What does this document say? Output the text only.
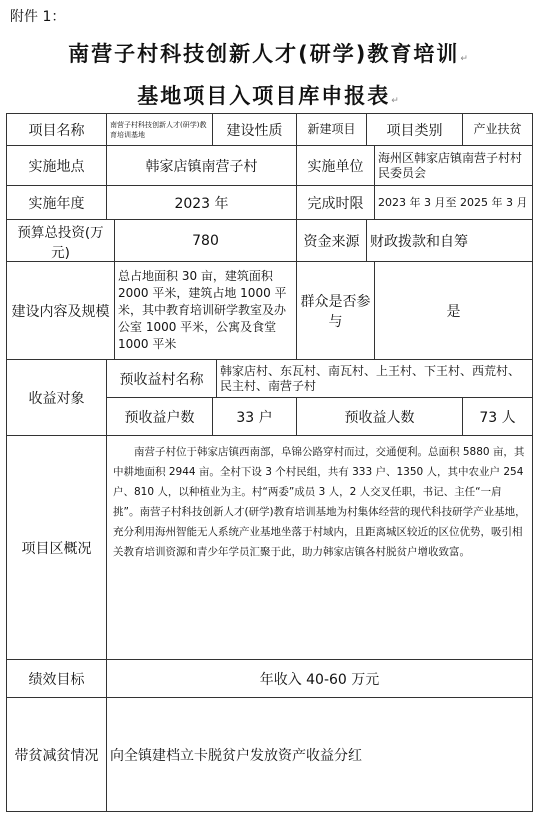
附件 1：
南营子村科技创新人才(研学)教育培训↵
基地项目入项目库申报表↵
项目名称	南营子村科技创新人才(研学)教育培训基地		建设性质		新建项目	项目类别		产业扶贫
实施地点	韩家店镇南营子村				实施单位		海州区韩家店镇南营子村村民委员会	
实施年度	2023 年				完成时限		2023 年 3 月至 2025 年 3 月	
预算总投资(万元)		780			资金来源	财政拨款和自筹		
建设内容及规模		总占地面积 30 亩，建筑面积 2000 平米，建筑占地 1000 平米，其中教育培训研学教室及办公室 1000 平米，公寓及食堂 1000 平米			群众是否参与		是	
收益对象	预收益村名称			韩家店村、东瓦村、南瓦村、上王村、下王村、西荒村、民主村、南营子村				
	预收益户数		33 户		预收益人数			73 人
项目区概况	南营子村位于韩家店镇西南部，阜锦公路穿村而过，交通便利。总面积 5880 亩，其中耕地面积 2944 亩。全村下设 3 个村民组，共有 333 户、1350 人，其中农业户 254 户、810 人，以种植业为主。村“两委”成员 3 人，2 人交叉任职，书记、主任“一肩挑”。南营子村科技创新人才(研学)教育培训基地为村集体经营的现代科技研学产业基地，充分利用海州智能无人系统产业基地坐落于村域内，且距离城区较近的区位优势，吸引相关教育培训资源和青少年学员汇聚于此，助力韩家店镇各村脱贫户增收致富。							
绩效目标	年收入 40-60 万元							
带贫减贫情况	向全镇建档立卡脱贫户发放资产收益分红							
